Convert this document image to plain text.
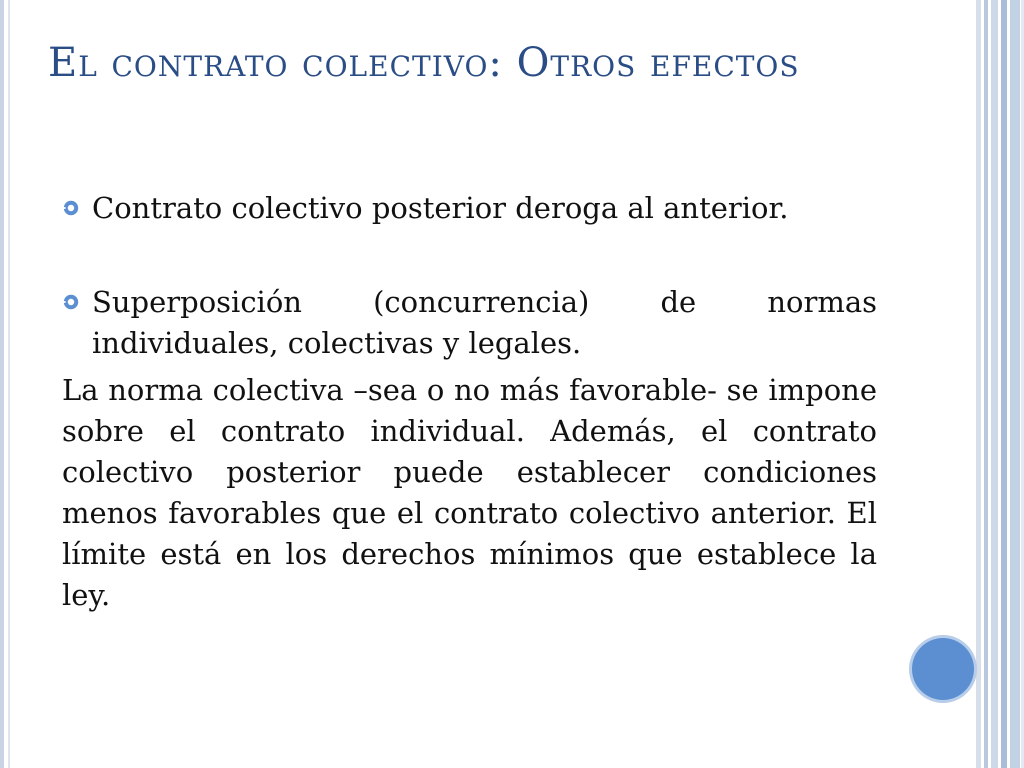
El contrato colectivo: Otros efectos
Contrato colectivo posterior deroga al anterior.
Superposición (concurrencia) de normas individuales, colectivas y legales.
La norma colectiva –sea o no más favorable- se impone sobre el contrato individual. Además, el contrato colectivo posterior puede establecer condiciones menos favorables que el contrato colectivo anterior. El límite está en los derechos mínimos que establece la ley.
